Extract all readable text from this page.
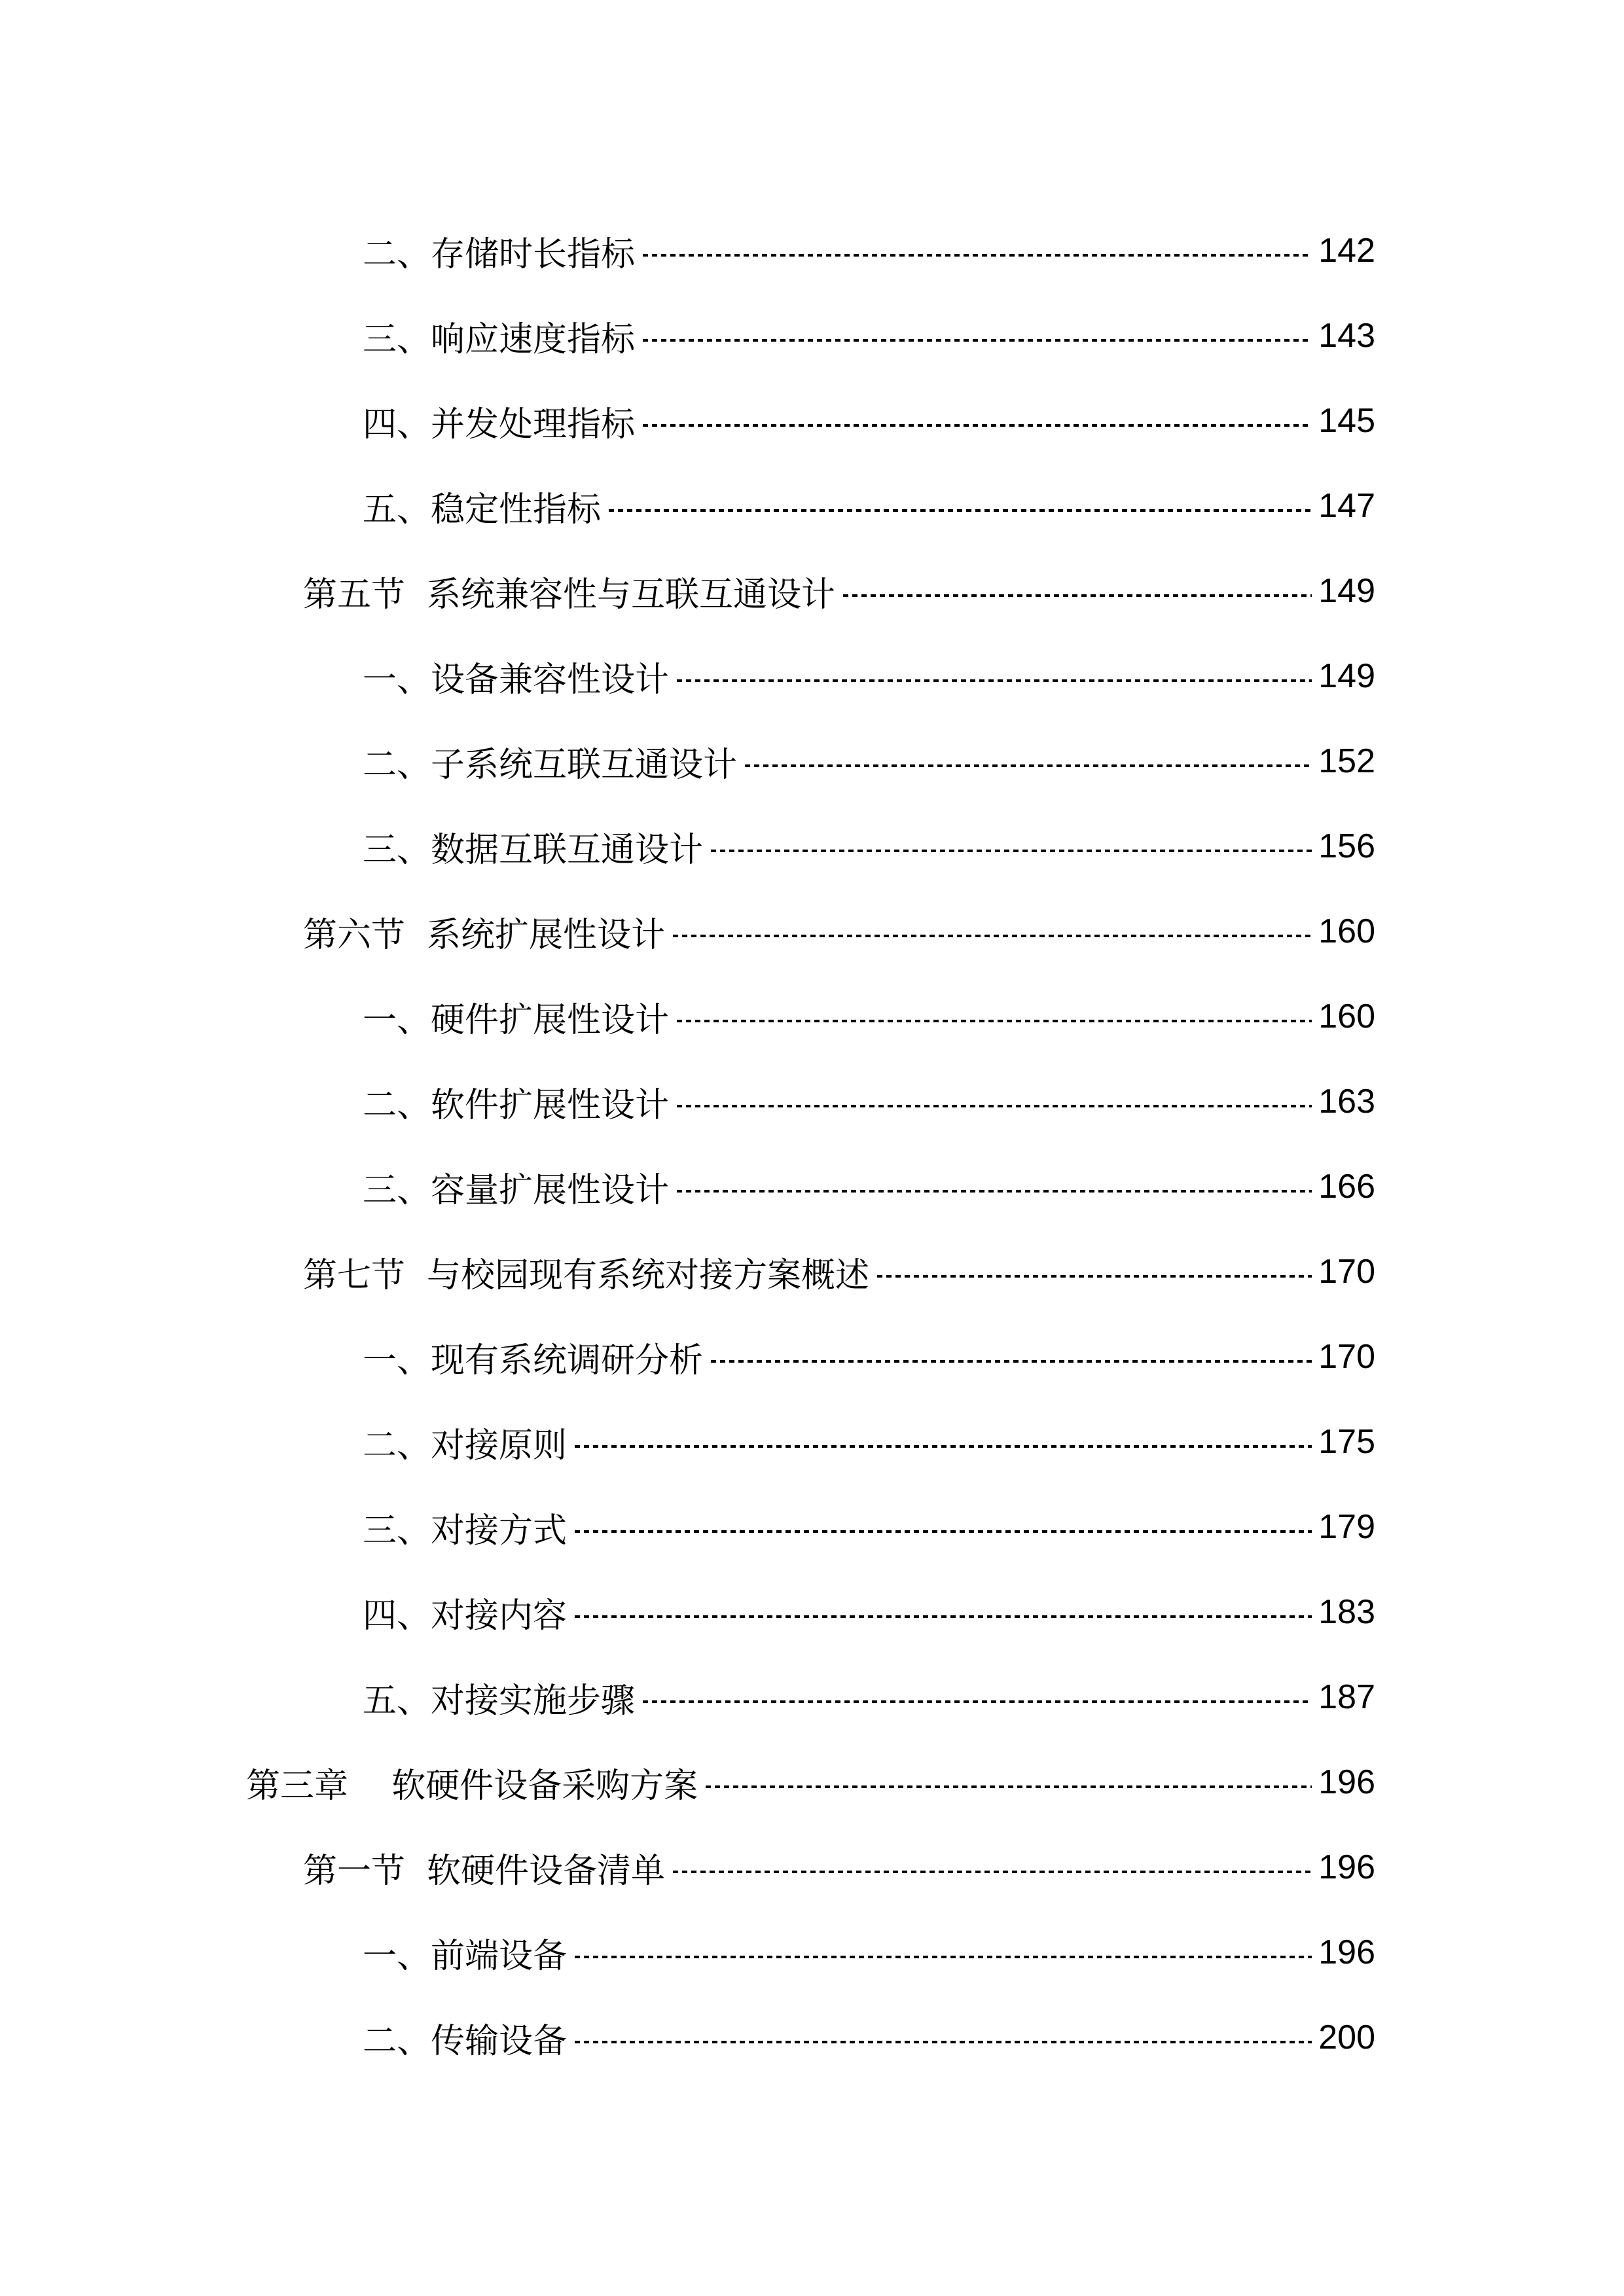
二、存储时长指标	142
三、响应速度指标	143
四、并发处理指标	145
五、稳定性指标	147
第五节  系统兼容性与互联互通设计	149
一、设备兼容性设计	149
二、子系统互联互通设计	152
三、数据互联互通设计	156
第六节  系统扩展性设计	160
一、硬件扩展性设计	160
二、软件扩展性设计	163
三、容量扩展性设计	166
第七节  与校园现有系统对接方案概述	170
一、现有系统调研分析	170
二、对接原则	175
三、对接方式	179
四、对接内容	183
五、对接实施步骤	187
第三章    软硬件设备采购方案	196
第一节  软硬件设备清单	196
一、前端设备	196
二、传输设备	200
